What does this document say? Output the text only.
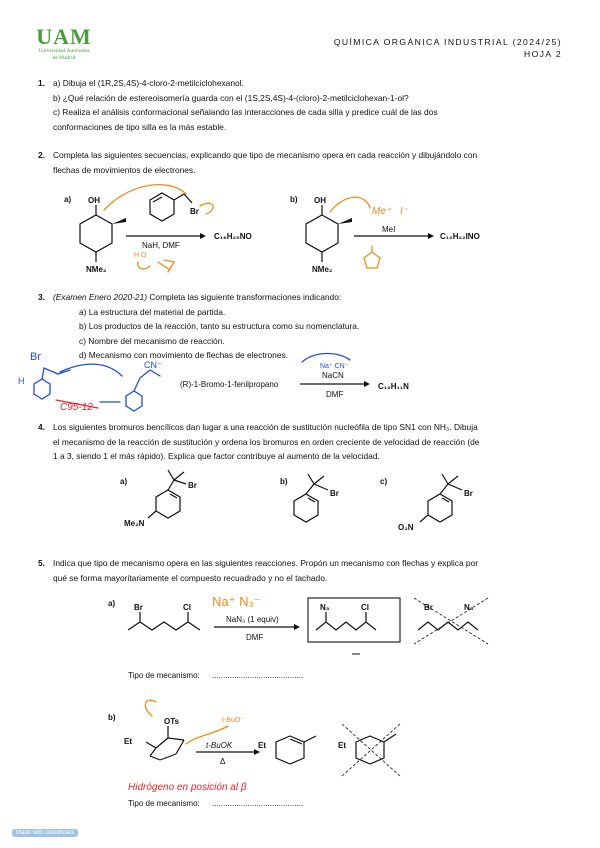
UAM
Universidad Autónoma
de Madrid
QUÍMICA ORGÁNICA INDUSTRIAL (2024/25)
HOJA 2
1. a) Dibuja el (1R,2S,4S)-4-cloro-2-metilciclohexanol.
b) ¿Qué relación de estereoisomería guarda con el (1S,2S,4S)-4-(cloro)-2-metilciclohexan-1-ol?
c) Realiza el análisis conformacional señalando las interacciones de cada silla y predice cuál de las dos
conformaciones de tipo silla es la más estable.
2. Completa las siguientes secuencias, explicando que tipo de mecanismo opera en cada reacción y dibujándolo con
flechas de movimientos de electrones.
a) OH
NMe₂
Br
NaH, DMF
C₁₆H₂₅NO
H O
b) OH
NMe₂
MeI
C₁₀H₂₂INO
Me⁺ I⁻
3. (Examen Enero 2020-21) Completa las siguiente transformaciones indicando:
a) La estructura del material de partida.
b) Los productos de la reacción, tanto su estructura como su nomenclatura.
c) Nombre del mecanismo de reacción.
d) Mecanismo con movimiento de flechas de electrones.
(R)-1-Bromo-1-fenilpropano
NaCN
DMF
C₁₀H₁₁N
Br
H
CN⁻	Na⁺ CN⁻
C95-12
4. Los siguientes bromuros bencílicos dan lugar a una reacción de sustitución nucleófila de tipo SN1 con NH₃. Dibuja
el mecanismo de la reacción de sustitución y ordena los bromuros en orden creciente de velocidad de reacción (de
1 a 3, siendo 1 el más rápido). Explica que factor contribuye al aumento de la velocidad.
a)	Br
Me₂N
b)
Br
c)
Br
O₂N
5. Indica que tipo de mecanismo opera en las siguientes reacciones. Propón un mecanismo con flechas y explica por
qué se forma mayoritariamente el compuesto recuadrado y no el tachado.
a) Br	Cl
NaN₃ (1 equiv)
DMF
Na⁺ N₃⁻	N₃	Cl	Br	N₃
Tipo de mecanismo: .........................................
b)	OTs
Et	t-BuOK
Δ
t-BuO⁻
Et	Et
Hidrógeno en posición al β
Tipo de mecanismo: .........................................
Made with Goodnotes
